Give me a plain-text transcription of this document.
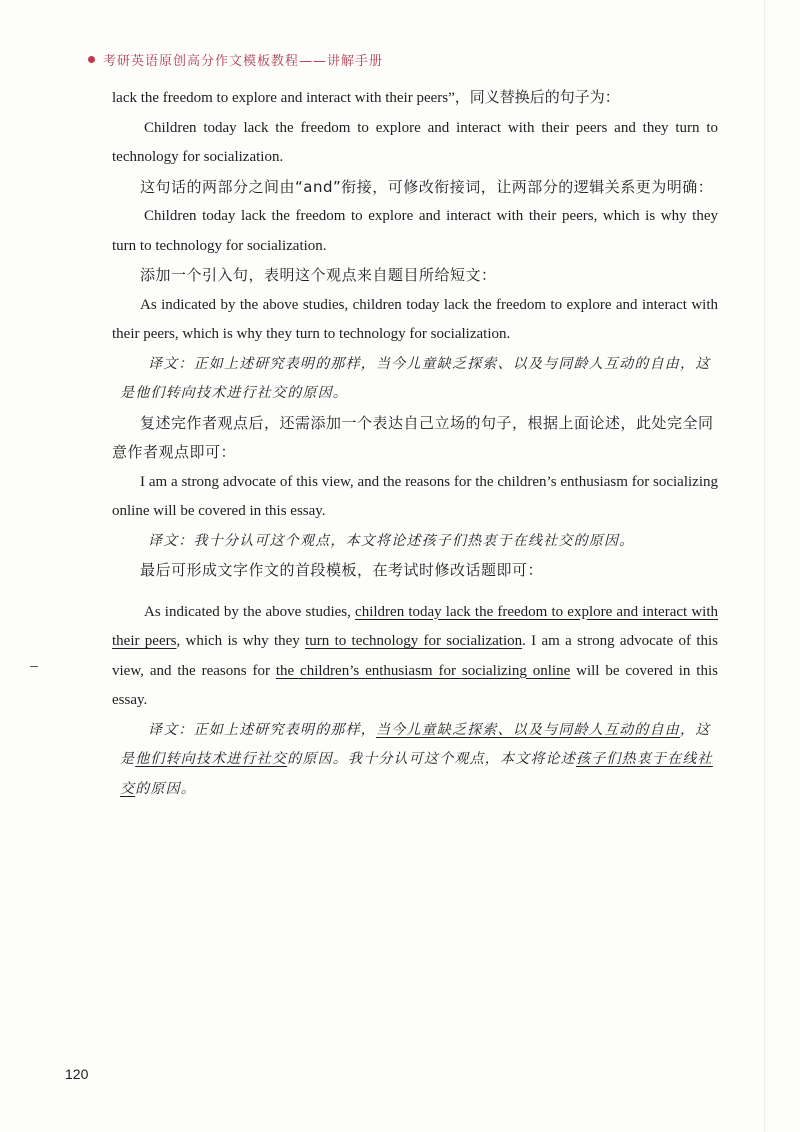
考研英语原创高分作文模板教程——讲解手册

lack the freedom to explore and interact with their peers”，同义替换后的句子为：

Children today lack the freedom to explore and interact with their peers and they turn to technology for socialization.

这句话的两部分之间由“and”衔接，可修改衔接词，让两部分的逻辑关系更为明确：

Children today lack the freedom to explore and interact with their peers, which is why they turn to technology for socialization.

添加一个引入句，表明这个观点来自题目所给短文：

As indicated by the above studies, children today lack the freedom to explore and interact with their peers, which is why they turn to technology for socialization.

译文：正如上述研究表明的那样，当今儿童缺乏探索、以及与同龄人互动的自由，这是他们转向技术进行社交的原因。

复述完作者观点后，还需添加一个表达自己立场的句子，根据上面论述，此处完全同意作者观点即可：

I am a strong advocate of this view, and the reasons for the children’s enthusiasm for socializing online will be covered in this essay.

译文：我十分认可这个观点，本文将论述孩子们热衷于在线社交的原因。

最后可形成文字作文的首段模板，在考试时修改话题即可：

As indicated by the above studies, children today lack the freedom to explore and interact with their peers, which is why they turn to technology for socialization. I am a strong advocate of this view, and the reasons for the children’s enthusiasm for socializing online will be covered in this essay.

译文：正如上述研究表明的那样，当今儿童缺乏探索、以及与同龄人互动的自由，这是他们转向技术进行社交的原因。我十分认可这个观点，本文将论述孩子们热衷于在线社交的原因。

120
